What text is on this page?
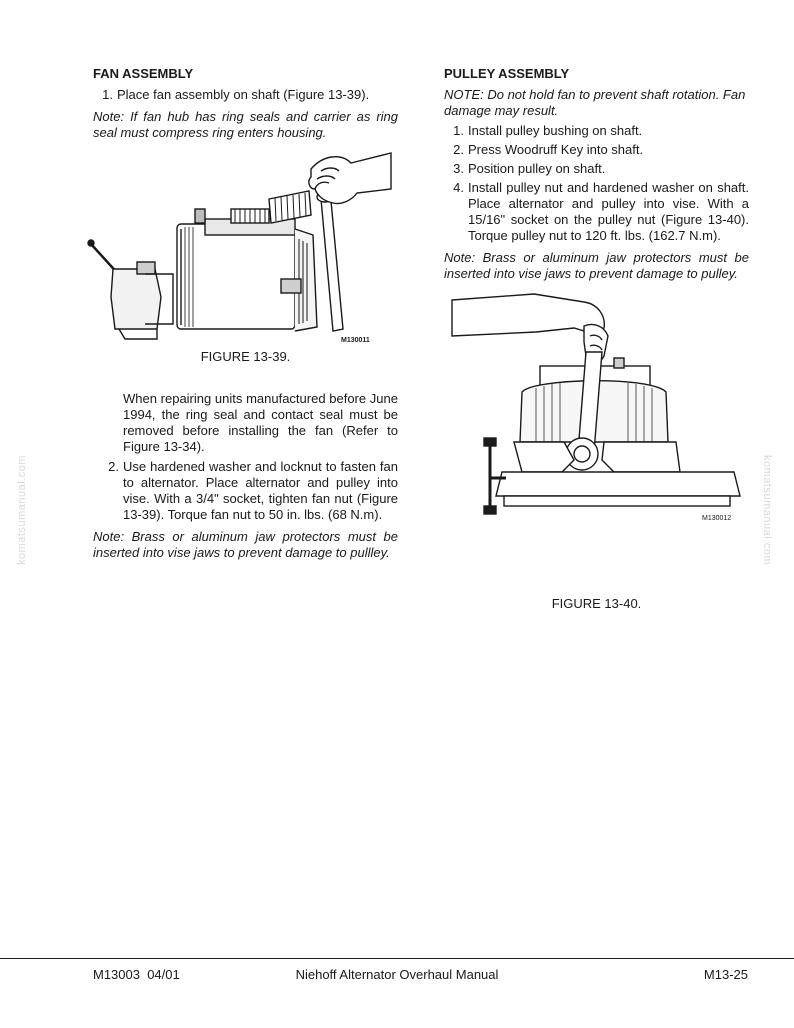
komatsumanual.com	komatsumanual.com
FAN ASSEMBLY
1. Place fan assembly on shaft (Figure 13-39).

Note: If fan hub has ring seals and carrier as ring seal must compress ring enters housing.

M130011

FIGURE 13-39.

When repairing units manufactured before June 1994, the ring seal and contact seal must be removed before installing the fan (Refer to Figure 13-34).

2. Use hardened washer and locknut to fasten fan to alternator. Place alternator and pulley into vise. With a 3/4" socket, tighten fan nut (Figure 13-39). Torque fan nut to 50 in. lbs. (68 N.m).

Note: Brass or aluminum jaw protectors must be inserted into vise jaws to prevent damage to pullley.

PULLEY ASSEMBLY

NOTE: Do not hold fan to prevent shaft rotation. Fan damage may result.

1. Install pulley bushing on shaft.
2. Press Woodruff Key into shaft.
3. Position pulley on shaft.
4. Install pulley nut and hardened washer on shaft. Place alternator and pulley into vise. With a 15/16" socket on the pulley nut (Figure 13-40). Torque pulley nut to 120 ft. lbs. (162.7 N.m).

Note: Brass or aluminum jaw protectors must be inserted into vise jaws to prevent damage to pulley.

M130012

FIGURE 13-40.

M13003  04/01	Niehoff Alternator Overhaul Manual	M13-25
